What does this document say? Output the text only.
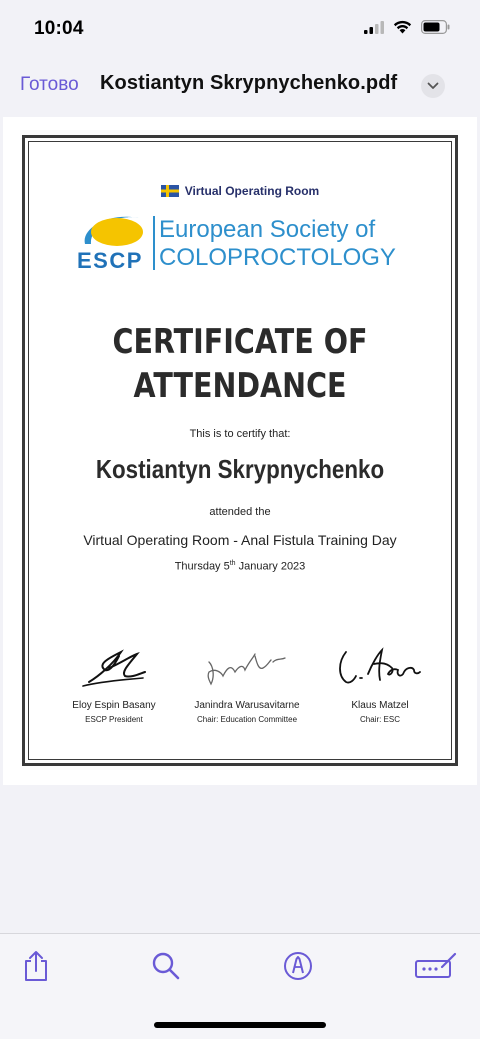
10:04
Готово Kostiantyn Skrypnychenko.pdf
Virtual Operating Room
ESCP
European Society of
COLOPROCTOLOGY
CERTIFICATE OF
ATTENDANCE
This is to certify that:
Kostiantyn Skrypnychenko
attended the
Virtual Operating Room - Anal Fistula Training Day
Thursday 5th January 2023
Eloy Espin Basany
ESCP President
Janindra Warusavitarne
Chair: Education Committee
Klaus Matzel
Chair: ESC
